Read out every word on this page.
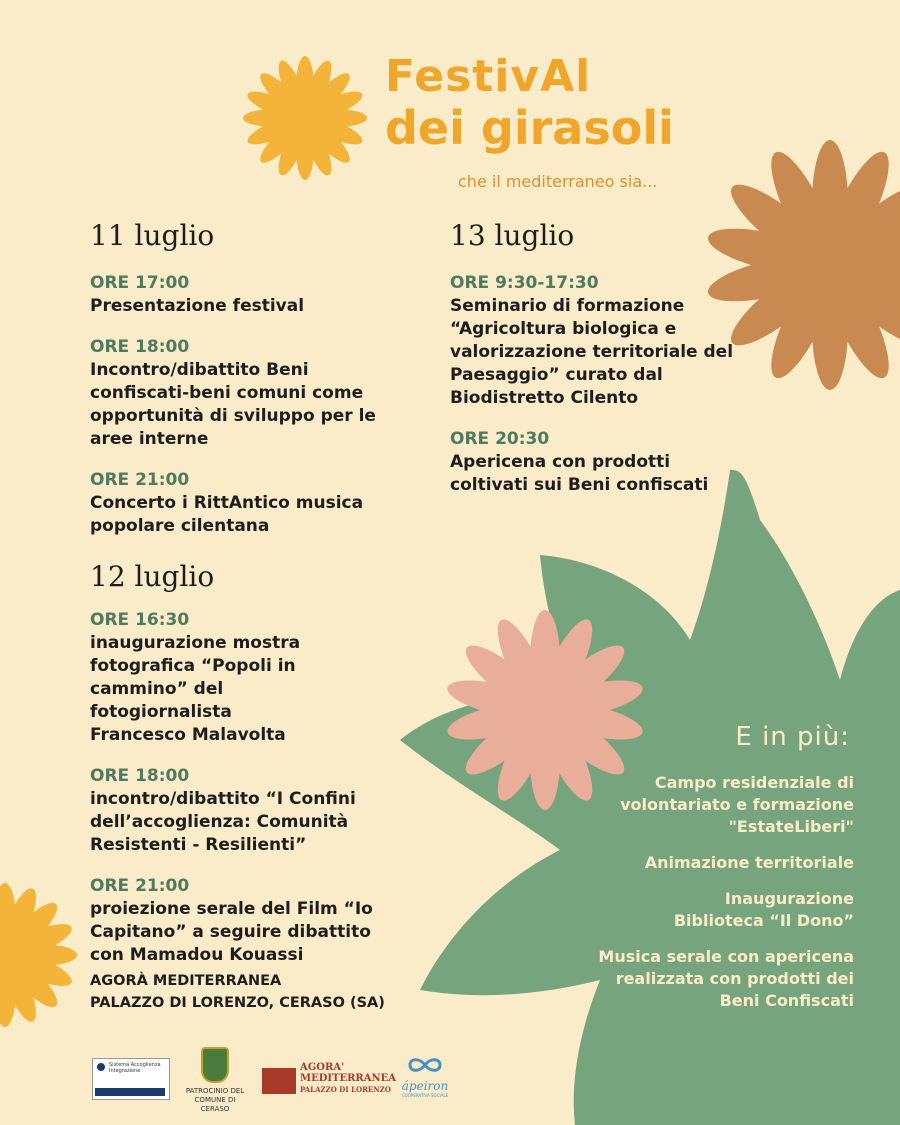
FestivAl
dei girasoli
che il mediterraneo sia...
11 luglio
ORE 17:00
Presentazione festival
ORE 18:00
Incontro/dibattito Beni confiscati-beni comuni come opportunità di sviluppo per le aree interne
ORE 21:00
Concerto i RittAntico musica popolare cilentana
12 luglio
ORE 16:30
inaugurazione mostra fotografica “Popoli in cammino” del fotogiornalista Francesco Malavolta
ORE 18:00
incontro/dibattito “I Confini dell’accoglienza: Comunità Resistenti - Resilienti”
ORE 21:00
proiezione serale del Film “Io Capitano” a seguire dibattito con Mamadou Kouassi
13 luglio
ORE 9:30-17:30
Seminario di formazione “Agricoltura biologica e valorizzazione territoriale del Paesaggio” curato dal Biodistretto Cilento
ORE 20:30
Apericena con prodotti coltivati sui Beni confiscati
AGORÀ MEDITERRANEA
PALAZZO DI LORENZO, CERASO (SA)
E in più:
Campo residenziale di volontariato e formazione "EstateLiberi"
Animazione territoriale
Inaugurazione Biblioteca “Il Dono”
Musica serale con apericena realizzata con prodotti dei Beni Confiscati
Sistema Accoglienza Integrazione
PATROCINIO DEL
COMUNE DI CERASO
AGORA'
MEDITERRANEA
PALAZZO DI LORENZO ápeiron
COOPERATIVA SOCIALE
